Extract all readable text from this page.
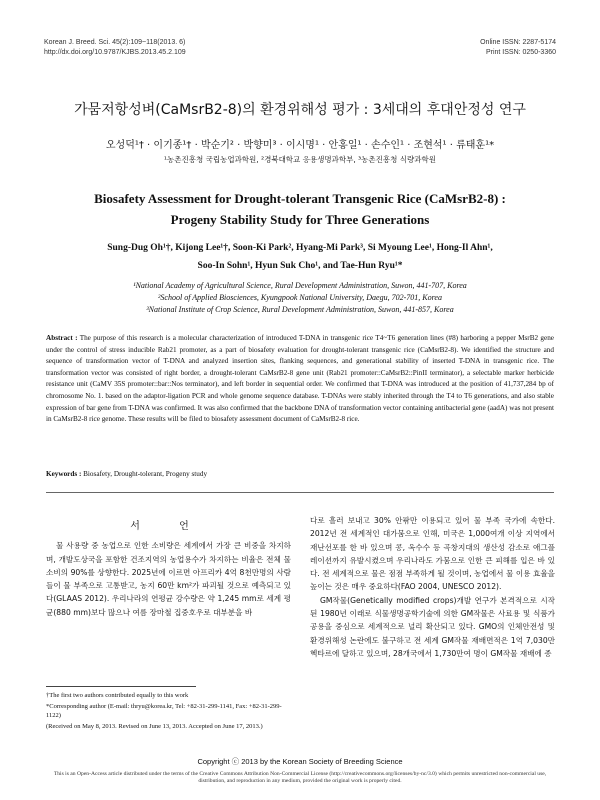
Korean J. Breed. Sci. 45(2):109~118(2013. 6)
http://dx.doi.org/10.9787/KJBS.2013.45.2.109
Online ISSN: 2287-5174
Print ISSN: 0250-3360
가뭄저항성벼(CaMsrB2-8)의 환경위해성 평가 : 3세대의 후대안정성 연구
오성덕¹† · 이기종¹† · 박순기² · 박향미³ · 이시명¹ · 안홍일¹ · 손수인¹ · 조현석¹ · 류태훈¹*
¹농촌진흥청 국립농업과학원, ²경북대학교 응용생명과학부, ³농촌진흥청 식량과학원
Biosafety Assessment for Drought-tolerant Transgenic Rice (CaMsrB2-8) :
Progeny Stability Study for Three Generations
Sung-Dug Oh¹†, Kijong Lee¹†, Soon-Ki Park², Hyang-Mi Park³, Si Myoung Lee¹, Hong-Il Ahn¹,
Soo-In Sohn¹, Hyun Suk Cho¹, and Tae-Hun Ryu¹*
¹National Academy of Agricultural Science, Rural Development Administration, Suwon, 441-707, Korea
²School of Applied Biosciences, Kyungpook National University, Daegu, 702-701, Korea
³National Institute of Crop Science, Rural Development Administration, Suwon, 441-857, Korea
Abstract : The purpose of this research is a molecular characterization of introduced T-DNA in transgenic rice T4~T6 generation lines (#8) harboring a pepper MsrB2 gene under the control of stress inducible Rab21 promoter, as a part of biosafety evaluation for drought-tolerant transgenic rice (CaMsrB2-8). We identified the structure and sequence of transformation vector of T-DNA and analyzed insertion sites, flanking sequences, and generational stability of inserted T-DNA in transgenic rice. The transformation vector was consisted of right border, a drought-tolerant CaMsrB2-8 gene unit (Rab21 promoter::CaMsrB2::PinII terminator), a selectable marker herbicide resistance unit (CaMV 35S promoter::bar::Nos terminator), and left border in sequential order. We confirmed that T-DNA was introduced at the position of 41,737,284 bp of chromosome No. 1. based on the adaptor-ligation PCR and whole genome sequence database. T-DNAs were stably inherited through the T4 to T6 generations, and also stable expression of bar gene from T-DNA was confirmed. It was also confirmed that the backbone DNA of transformation vector containing antibacterial gene (aadA) was not present in CaMsrB2-8 rice genome. These results will be filed to biosafety assessment document of CaMsrB2-8 rice.
Keywords : Biosafety, Drought-tolerant, Progeny study
서 언

물 사용량 중 농업으로 인한 소비량은 세계에서 가장 큰 비중을 차지하며, 개발도상국을 포함한 건조지역의 농업용수가 차지하는 비율은 전체 물 소비의 90%를 상향한다. 2025년에 이르면 아프리카 4억 8천만명의 사람들이 물 부족으로 고통받고, 농지 60만 km²가 파괴될 것으로 예측되고 있다(GLAAS 2012). 우리나라의 연평균 강수량은 약 1,245 mm로 세계 평균(880 mm)보다 많으나 여름 장마철 집중호우로 대부분을 바

†The first two authors contributed equally to this work
*Corresponding author (E-mail: thryu@korea.kr, Tel: +82-31-299-1141, Fax: +82-31-299-1122)
(Received on May 8, 2013. Revised on June 13, 2013. Accepted on June 17, 2013.)

다로 흘러 보내고 30% 안팎만 이용되고 있어 물 부족 국가에 속한다. 2012년 전 세계적인 대가뭄으로 인해, 미국은 1,000여개 이상 지역에서 재난선포를 한 바 있으며 콩, 옥수수 등 곡창지대의 생산성 감소로 애그플레이션까지 유발시켰으며 우리나라도 가뭄으로 인한 큰 피해를 입은 바 있다. 전 세계적으로 물은 점점 부족하게 될 것이며, 농업에서 물 이용 효율을 높이는 것은 매우 중요하다(FAO 2004, UNESCO 2012).

GM작물(Genetically modified crops)개발 연구가 본격적으로 시작된 1980년 이래로 식물생명공학기술에 의한 GM작물은 사료용 및 식품가공용을 중심으로 세계적으로 널리 확산되고 있다. GMO의 인체안전성 및 환경위해성 논란에도 불구하고 전 세계 GM작물 재배면적은 1억 7,030만 헥타르에 달하고 있으며, 28개국에서 1,730만여 명이 GM작물 재배에 종

Copyright ⓒ 2013 by the Korean Society of Breeding Science
This is an Open-Access article distributed under the terms of the Creative Commons Attribution Non-Commercial License (http://creativecommons.org/licenses/by-nc/3.0) which permits unrestricted non-commercial use, distribution, and reproduction in any medium, provided the original work is properly cited.
